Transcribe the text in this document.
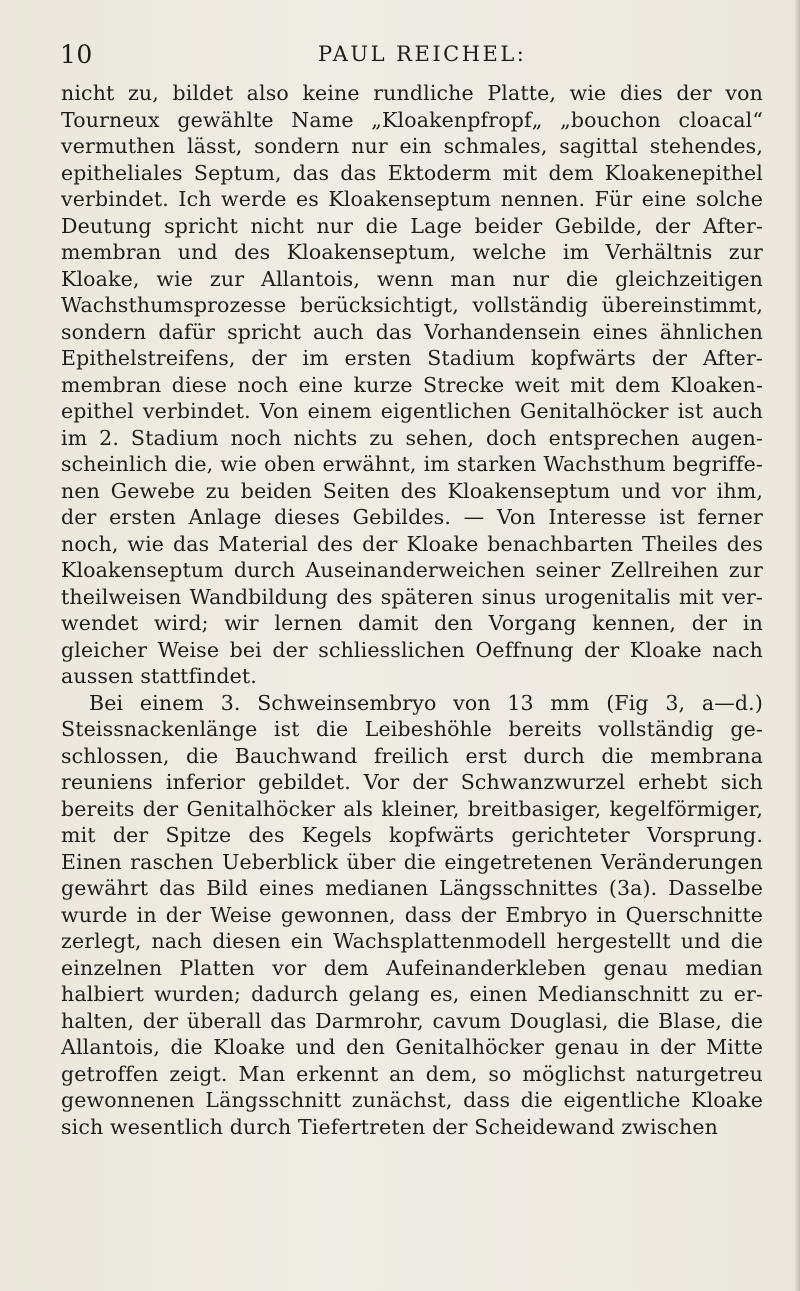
10	PAUL REICHEL:
nicht zu, bildet also keine rundliche Platte, wie dies der von
Tourneux gewählte Name „Kloakenpfropf„ „bouchon cloacal“
vermuthen lässt, sondern nur ein schmales, sagittal stehendes,
epitheliales Septum, das das Ektoderm mit dem Kloakenepithel
verbindet. Ich werde es Kloakenseptum nennen. Für eine solche
Deutung spricht nicht nur die Lage beider Gebilde, der After-
membran und des Kloakenseptum, welche im Verhältnis zur
Kloake, wie zur Allantois, wenn man nur die gleichzeitigen
Wachsthumsprozesse berücksichtigt, vollständig übereinstimmt,
sondern dafür spricht auch das Vorhandensein eines ähnlichen
Epithelstreifens, der im ersten Stadium kopfwärts der After-
membran diese noch eine kurze Strecke weit mit dem Kloaken-
epithel verbindet. Von einem eigentlichen Genitalhöcker ist auch
im 2. Stadium noch nichts zu sehen, doch entsprechen augen-
scheinlich die, wie oben erwähnt, im starken Wachsthum begriffe-
nen Gewebe zu beiden Seiten des Kloakenseptum und vor ihm,
der ersten Anlage dieses Gebildes. — Von Interesse ist ferner
noch, wie das Material des der Kloake benachbarten Theiles des
Kloakenseptum durch Auseinanderweichen seiner Zellreihen zur
theilweisen Wandbildung des späteren sinus urogenitalis mit ver-
wendet wird; wir lernen damit den Vorgang kennen, der in
gleicher Weise bei der schliesslichen Oeffnung der Kloake nach
aussen stattfindet.
Bei einem 3. Schweinsembryo von 13 mm (Fig 3, a—d.)
Steissnackenlänge ist die Leibeshöhle bereits vollständig ge-
schlossen, die Bauchwand freilich erst durch die membrana
reuniens inferior gebildet. Vor der Schwanzwurzel erhebt sich
bereits der Genitalhöcker als kleiner, breitbasiger, kegelförmiger,
mit der Spitze des Kegels kopfwärts gerichteter Vorsprung.
Einen raschen Ueberblick über die eingetretenen Veränderungen
gewährt das Bild eines medianen Längsschnittes (3a). Dasselbe
wurde in der Weise gewonnen, dass der Embryo in Querschnitte
zerlegt, nach diesen ein Wachsplattenmodell hergestellt und die
einzelnen Platten vor dem Aufeinanderkleben genau median
halbiert wurden; dadurch gelang es, einen Medianschnitt zu er-
halten, der überall das Darmrohr, cavum Douglasi, die Blase, die
Allantois, die Kloake und den Genitalhöcker genau in der Mitte
getroffen zeigt. Man erkennt an dem, so möglichst naturgetreu
gewonnenen Längsschnitt zunächst, dass die eigentliche Kloake
sich wesentlich durch Tiefertreten der Scheidewand zwischen
